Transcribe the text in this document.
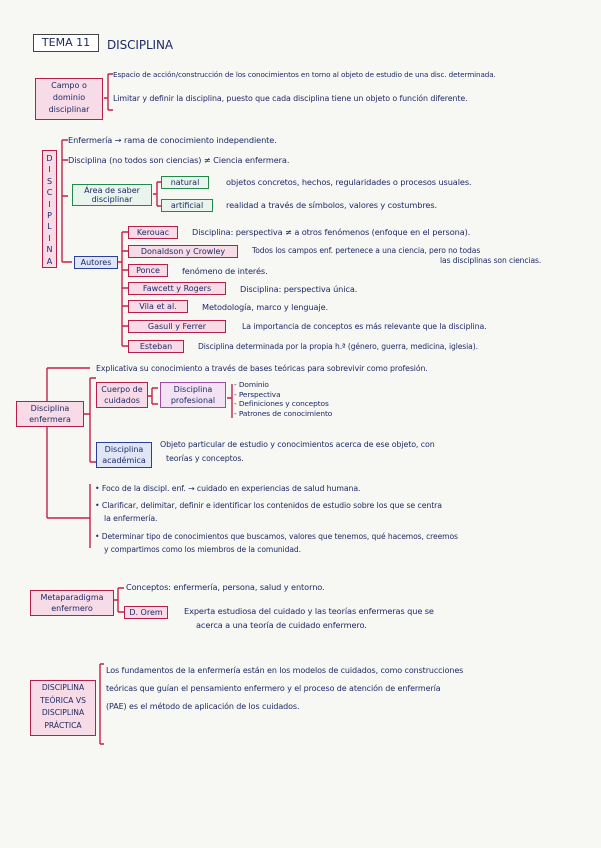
TEMA 11	DISCIPLINA
Campo o
dominio
disciplinar
Espacio de acción/construcción de los conocimientos en torno al objeto de estudio de una disc. determinada.
Limitar y definir la disciplina, puesto que cada disciplina tiene un objeto o función diferente.
D
I
S
C
I
P
L
I
N
A
Enfermería → rama de conocimiento independiente.
Disciplina (no todos son ciencias) ≠ Ciencia enfermera.
Área de saber
disciplinar
natural	objetos concretos, hechos, regularidades o procesos usuales.
artificial	realidad a través de símbolos, valores y costumbres.
Autores
Kerouac	Disciplina: perspectiva ≠ a otros fenómenos (enfoque en el persona).
Donaldson y Crowley	Todos los campos enf. pertenece a una ciencia, pero no todas
las disciplinas son ciencias.
Ponce	fenómeno de interés.
Fawcett y Rogers	Disciplina: perspectiva única.
Vila et al.	Metodología, marco y lenguaje.
Gasull y Ferrer	La importancia de conceptos es más relevante que la disciplina.
Esteban	Disciplina determinada por la propia h.ª (género, guerra, medicina, iglesia).
Disciplina
enfermera
Explicativa su conocimiento a través de bases teóricas para sobrevivir como profesión.
Cuerpo de
cuidados
Disciplina
profesional
- Dominio
- Perspectiva
- Definiciones y conceptos
- Patrones de conocimiento
Disciplina
académica
Objeto particular de estudio y conocimientos acerca de ese objeto, con
teorías y conceptos.
• Foco de la discipl. enf. → cuidado en experiencias de salud humana.
• Clarificar, delimitar, definir e identificar los contenidos de estudio sobre los que se centra
la enfermería.
• Determinar tipo de conocimientos que buscamos, valores que tenemos, qué hacemos, creemos
y compartimos como los miembros de la comunidad.
Metaparadigma
enfermero
Conceptos: enfermería, persona, salud y entorno.
D. Orem	Experta estudiosa del cuidado y las teorías enfermeras que se
acerca a una teoría de cuidado enfermero.
DISCIPLINA
TEÓRICA VS
DISCIPLINA
PRÁCTICA
Los fundamentos de la enfermería están en los modelos de cuidados, como construcciones
teóricas que guían el pensamiento enfermero y el proceso de atención de enfermería
(PAE) es el método de aplicación de los cuidados.
